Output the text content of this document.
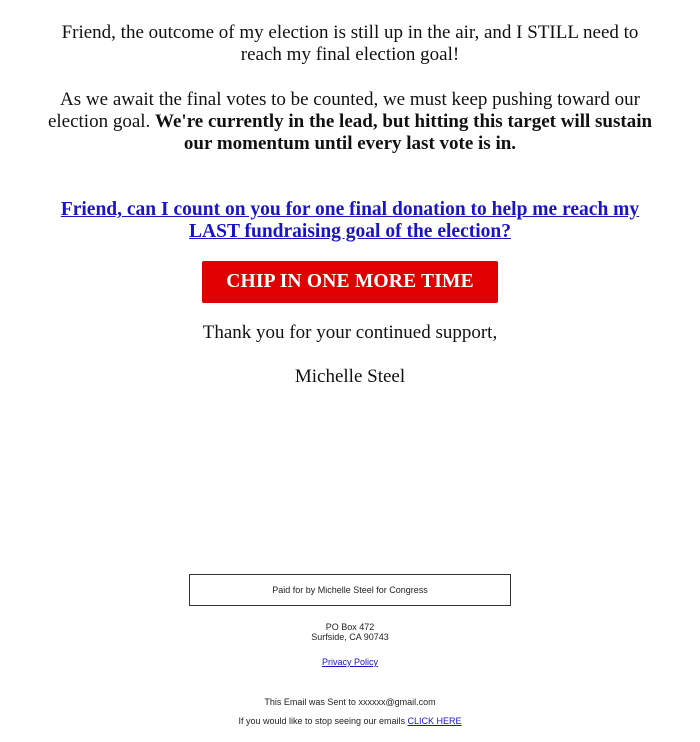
Friend, the outcome of my election is still up in the air, and I STILL need to reach my final election goal!
As we await the final votes to be counted, we must keep pushing toward our election goal. We're currently in the lead, but hitting this target will sustain our momentum until every last vote is in.
Friend, can I count on you for one final donation to help me reach my LAST fundraising goal of the election?
CHIP IN ONE MORE TIME
Thank you for your continued support,
Michelle Steel
Paid for by Michelle Steel for Congress
PO Box 472
Surfside, CA 90743
Privacy Policy
This Email was Sent to xxxxxx@gmail.com
If you would like to stop seeing our emails CLICK HERE
